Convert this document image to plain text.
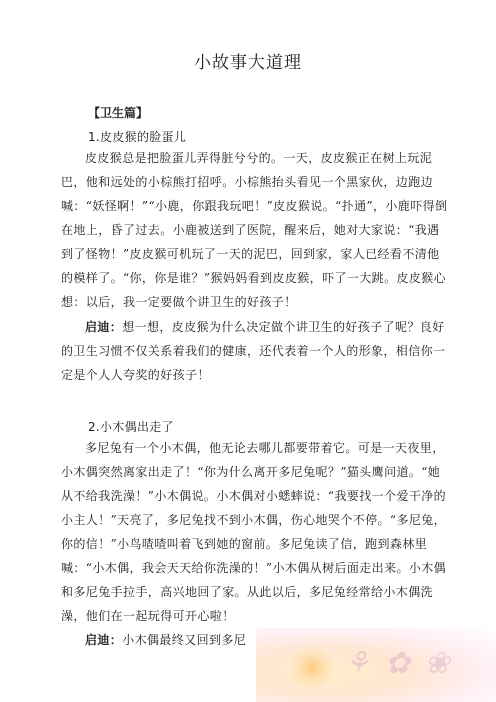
小故事大道理
【卫生篇】
1.皮皮猴的脸蛋儿

皮皮猴总是把脸蛋儿弄得脏兮兮的。一天，皮皮猴正在树上玩泥巴，他和远处的小棕熊打招呼。小棕熊抬头看见一个黑家伙，边跑边喊：“妖怪啊！”“小鹿，你跟我玩吧！”皮皮猴说。“扑通”，小鹿吓得倒在地上，昏了过去。小鹿被送到了医院，醒来后，她对大家说：“我遇到了怪物！”皮皮猴可机玩了一天的泥巴，回到家，家人已经看不清他的模样了。“你，你是谁？”猴妈妈看到皮皮猴，吓了一大跳。皮皮猴心想：以后，我一定要做个讲卫生的好孩子！

启迪：想一想，皮皮猴为什么决定做个讲卫生的好孩子了呢？良好的卫生习惯不仅关系着我们的健康，还代表着一个人的形象，相信你一定是个人人夸奖的好孩子！

2.小木偶出走了

多尼兔有一个小木偶，他无论去哪儿都要带着它。可是一天夜里，小木偶突然离家出走了！“你为什么离开多尼兔呢？”猫头鹰问道。“她从不给我洗澡！”小木偶说。小木偶对小蟋蟀说：“我要找一个爱干净的小主人！”天亮了，多尼兔找不到小木偶，伤心地哭个不停。“多尼兔，你的信！”小鸟喳喳叫着飞到她的窗前。多尼兔读了信，跑到森林里喊：“小木偶，我会天天给你洗澡的！”小木偶从树后面走出来。小木偶和多尼兔手拉手，高兴地回了家。从此以后，多尼兔经常给小木偶洗澡，他们在一起玩得可开心啦！

启迪：小木偶最终又回到多尼

⚘ ✿ ❀
